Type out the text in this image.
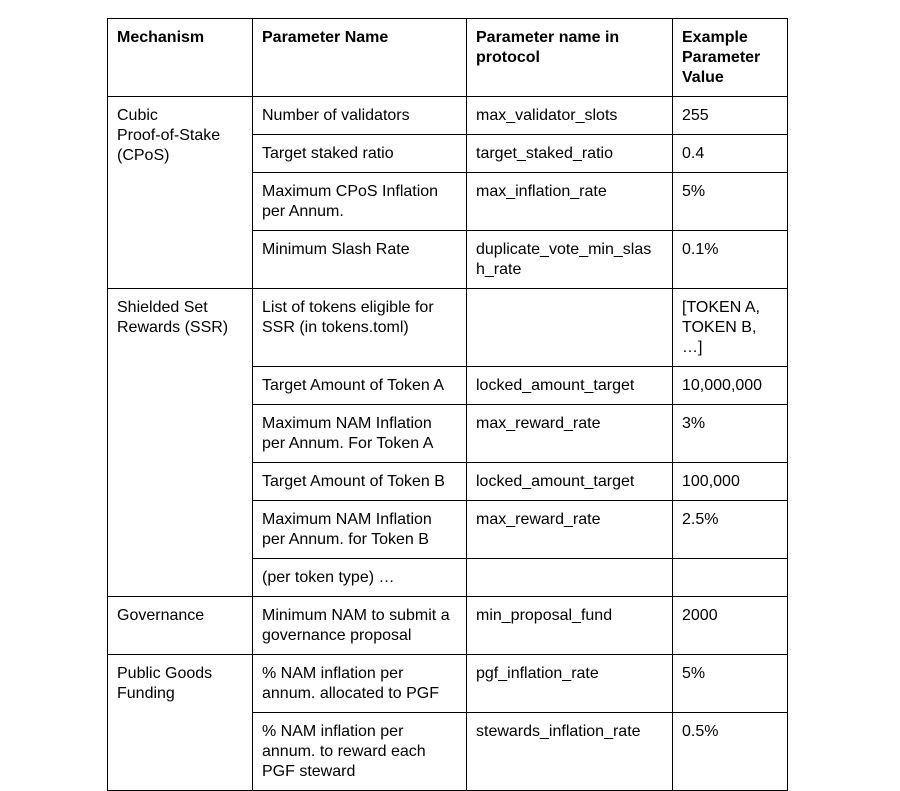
Mechanism	Parameter Name	Parameter name in protocol	Example Parameter Value
Cubic Proof‑of‑Stake (CPoS)	Number of validators	max_validator_slots	255
	Target staked ratio	target_staked_ratio	0.4
	Maximum CPoS Inflation per Annum.	max_inflation_rate	5%
	Minimum Slash Rate	duplicate_vote_min_slash_rate	0.1%
Shielded Set Rewards (SSR)	List of tokens eligible for SSR (in tokens.toml)		[TOKEN A, TOKEN B, …]
	Target Amount of Token A	locked_amount_target	10,000,000
	Maximum NAM Inflation per Annum. For Token A	max_reward_rate	3%
	Target Amount of Token B	locked_amount_target	100,000
	Maximum NAM Inflation per Annum. for Token B	max_reward_rate	2.5%
	(per token type) …		
Governance	Minimum NAM to submit a governance proposal	min_proposal_fund	2000
Public Goods Funding	% NAM inflation per annum. allocated to PGF	pgf_inflation_rate	5%
	% NAM inflation per annum. to reward each PGF steward	stewards_inflation_rate	0.5%
